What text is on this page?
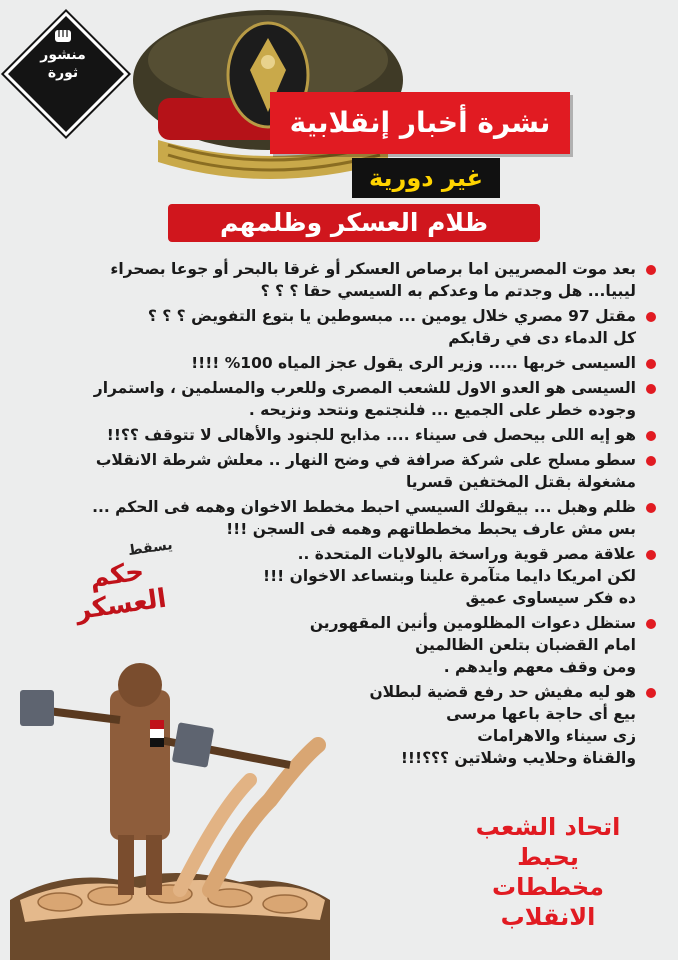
منشور
ثورة
نشرة أخبار إنقلابية
غير دورية
ظلام العسكر وظلمهم
بعد موت المصريين اما برصاص العسكر أو غرقا بالبحر أو جوعا بصحراء
ليبيا... هل وجدتم ما وعدكم به السيسي حقا ؟ ؟ ؟
مقتل 97 مصري خلال يومين ... مبسوطين يا بتوع التفويض ؟ ؟ ؟
كل الدماء دى في رقابكم
السيسى خربها ..... وزير الرى يقول عجز المياه 100% !!!!
السيسى هو العدو الاول للشعب المصرى وللعرب والمسلمين ، واستمرار
وجوده خطر على الجميع ... فلنجتمع ونتحد ونزيحه .
هو إيه اللى بيحصل فى سيناء .... مذابح للجنود والأهالى لا تتوقف ؟؟!!
سطو مسلح على شركة صرافة في وضح النهار .. معلش شرطة الانقلاب
مشغولة بقتل المختفين قسريا
ظلم وهبل ... بيقولك السيسي احبط مخطط الاخوان وهمه فى الحكم ...
بس مش عارف يحبط مخططاتهم وهمه فى السجن !!!
علاقة مصر قوية وراسخة بالولايات المتحدة ..
لكن امريكا دايما متآمرة علينا وبتساعد الاخوان !!!
ده فكر سيساوى عميق
ستظل دعوات المظلومين وأنين المقهورين
امام القضبان بتلعن الظالمين
ومن وقف معهم وايدهم .
هو ليه مفيش حد رفع قضية لبطلان
بيع أى حاجة باعها مرسى
زى سيناء والاهرامات
والقناة وحلايب وشلاتين ؟؟؟!!!
يسقط
حكم العسكر
اتحاد الشعب
يحبط مخططات
الانقلاب
